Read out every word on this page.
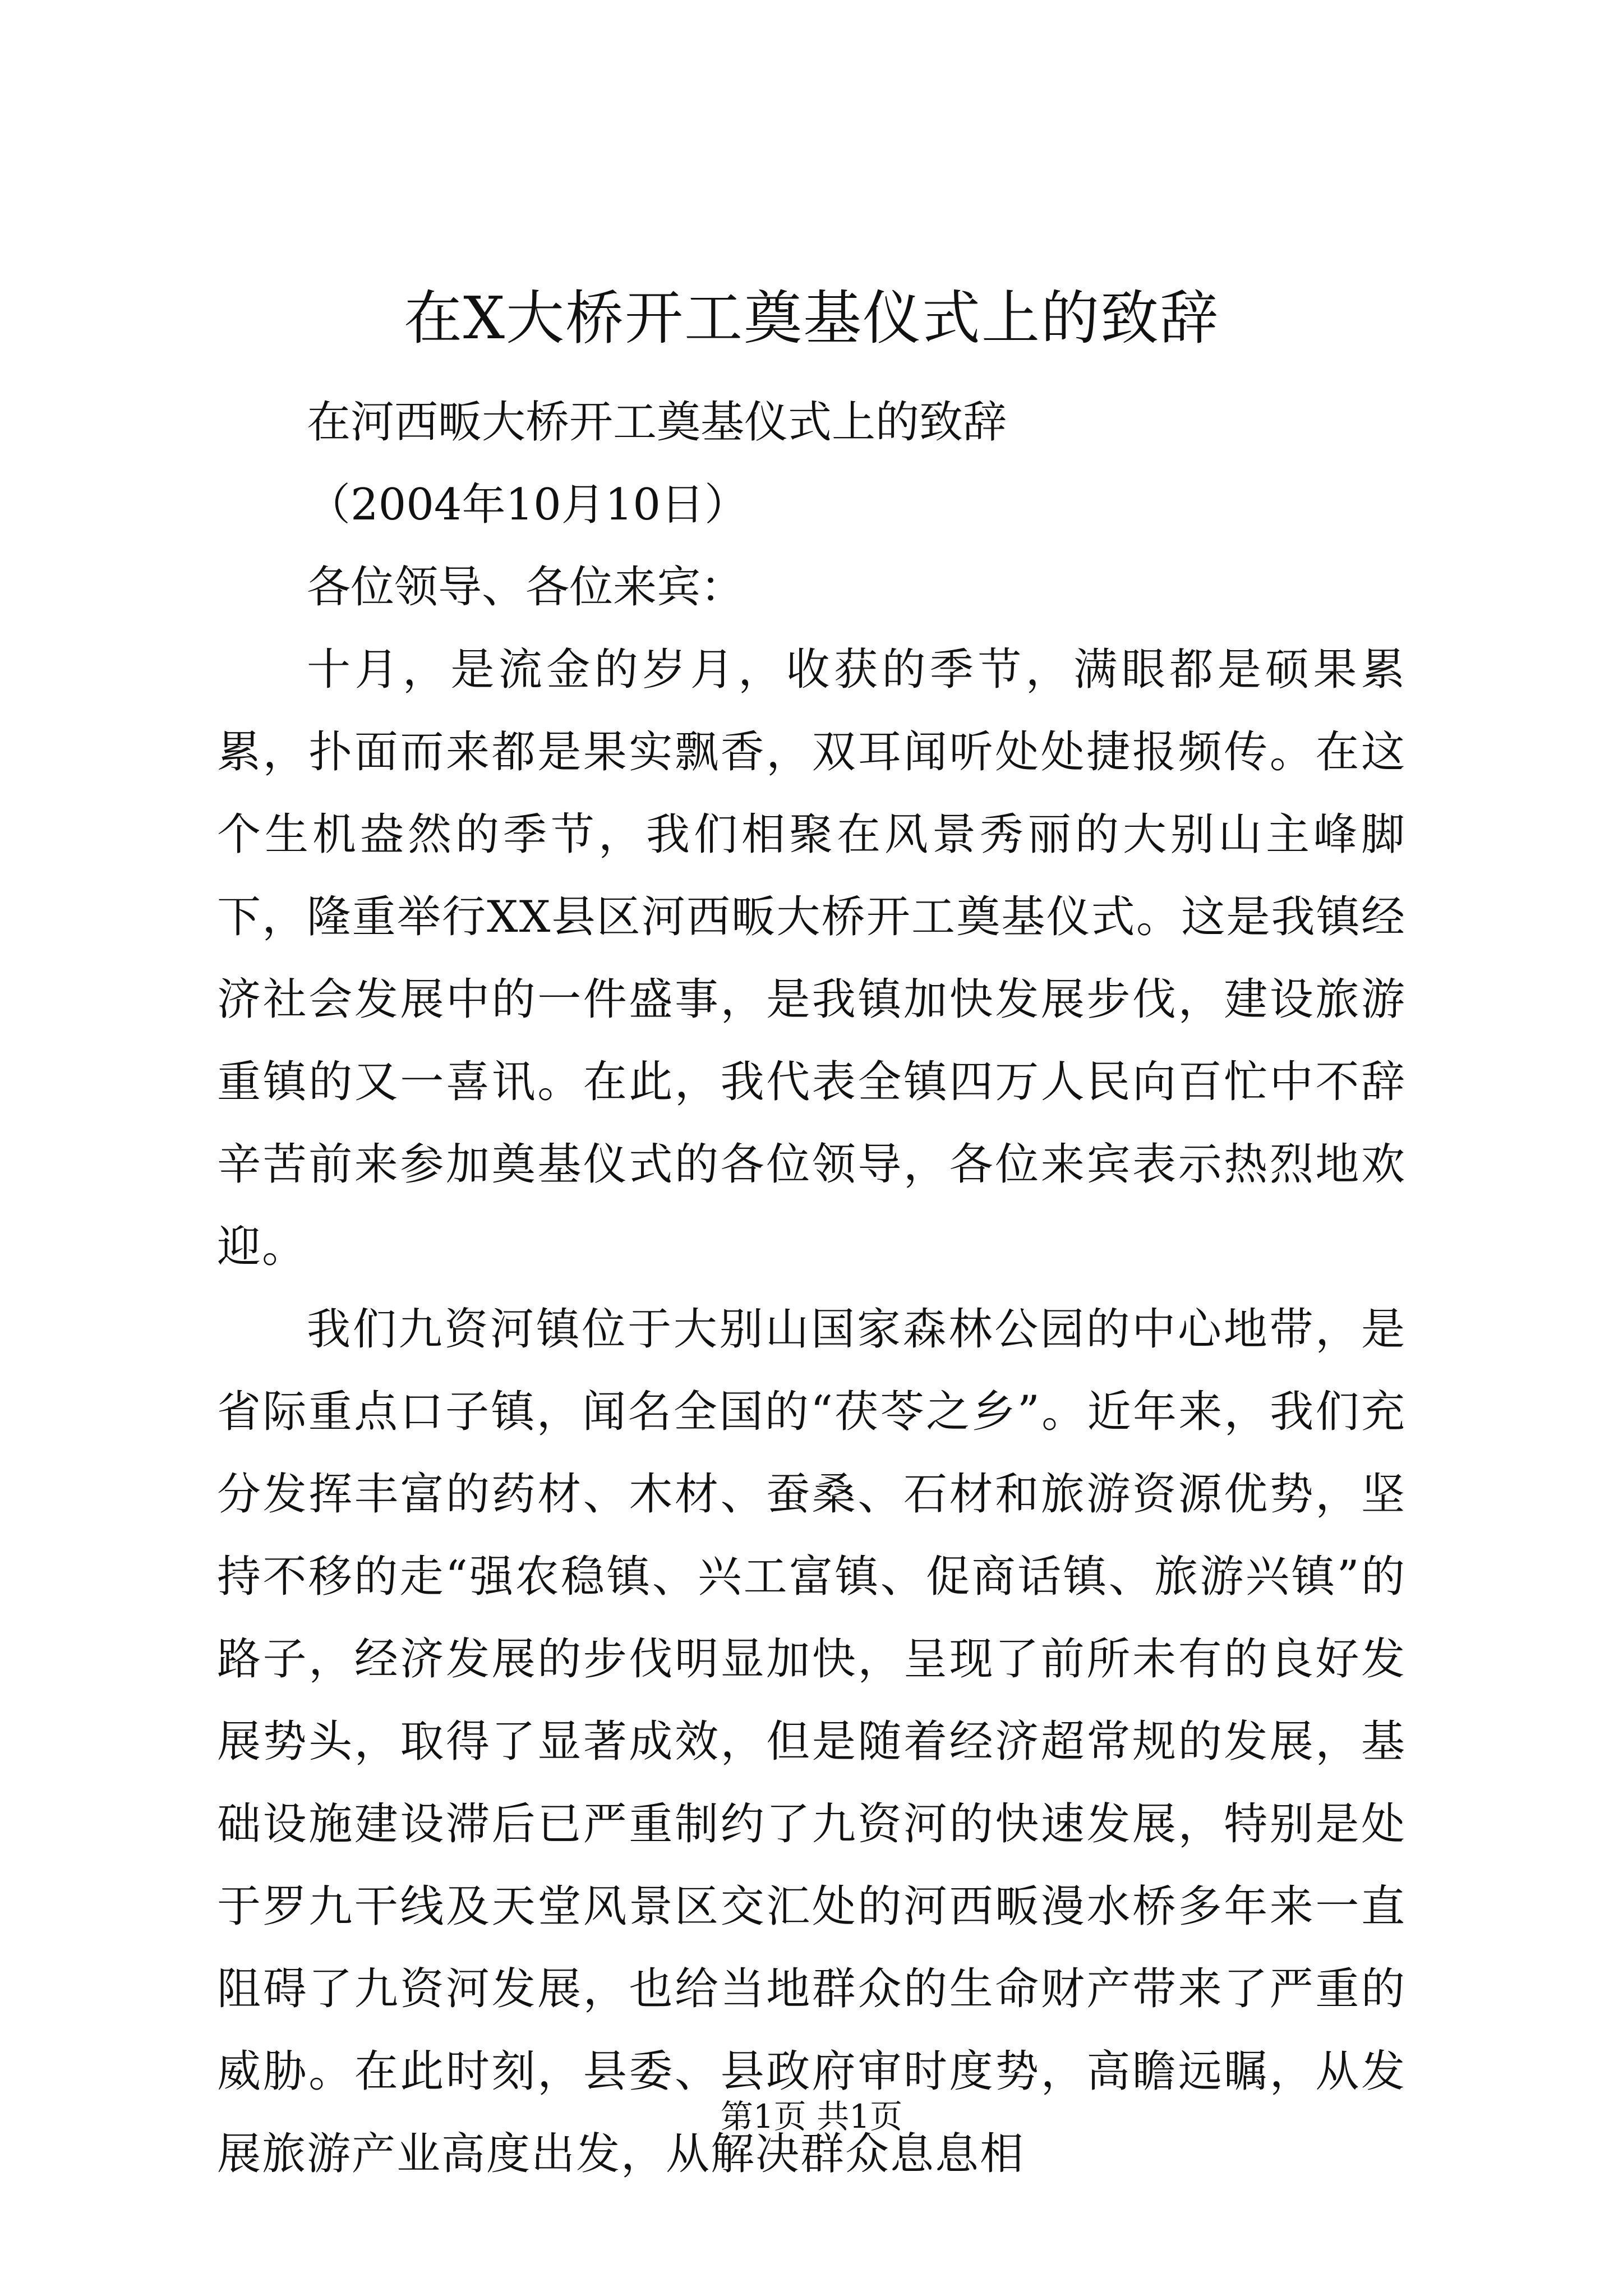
在X大桥开工奠基仪式上的致辞

在河西畈大桥开工奠基仪式上的致辞

（2004年10月10日）

各位领导、各位来宾：

十月，是流金的岁月，收获的季节，满眼都是硕果累累，扑面而来都是果实飘香，双耳闻听处处捷报频传。在这个生机盎然的季节，我们相聚在风景秀丽的大别山主峰脚下，隆重举行XX县区河西畈大桥开工奠基仪式。这是我镇经济社会发展中的一件盛事，是我镇加快发展步伐，建设旅游重镇的又一喜讯。在此，我代表全镇四万人民向百忙中不辞辛苦前来参加奠基仪式的各位领导，各位来宾表示热烈地欢迎。

我们九资河镇位于大别山国家森林公园的中心地带，是省际重点口子镇，闻名全国的“茯苓之乡”。近年来，我们充分发挥丰富的药材、木材、蚕桑、石材和旅游资源优势，坚持不移的走“强农稳镇、兴工富镇、促商话镇、旅游兴镇”的路子，经济发展的步伐明显加快，呈现了前所未有的良好发展势头，取得了显著成效，但是随着经济超常规的发展，基础设施建设滞后已严重制约了九资河的快速发展，特别是处于罗九干线及天堂风景区交汇处的河西畈漫水桥多年来一直阻碍了九资河发展，也给当地群众的生命财产带来了严重的威胁。在此时刻，县委、县政府审时度势，高瞻远瞩，从发展旅游产业高度出发，从解决群众息息相

第1页 共1页
